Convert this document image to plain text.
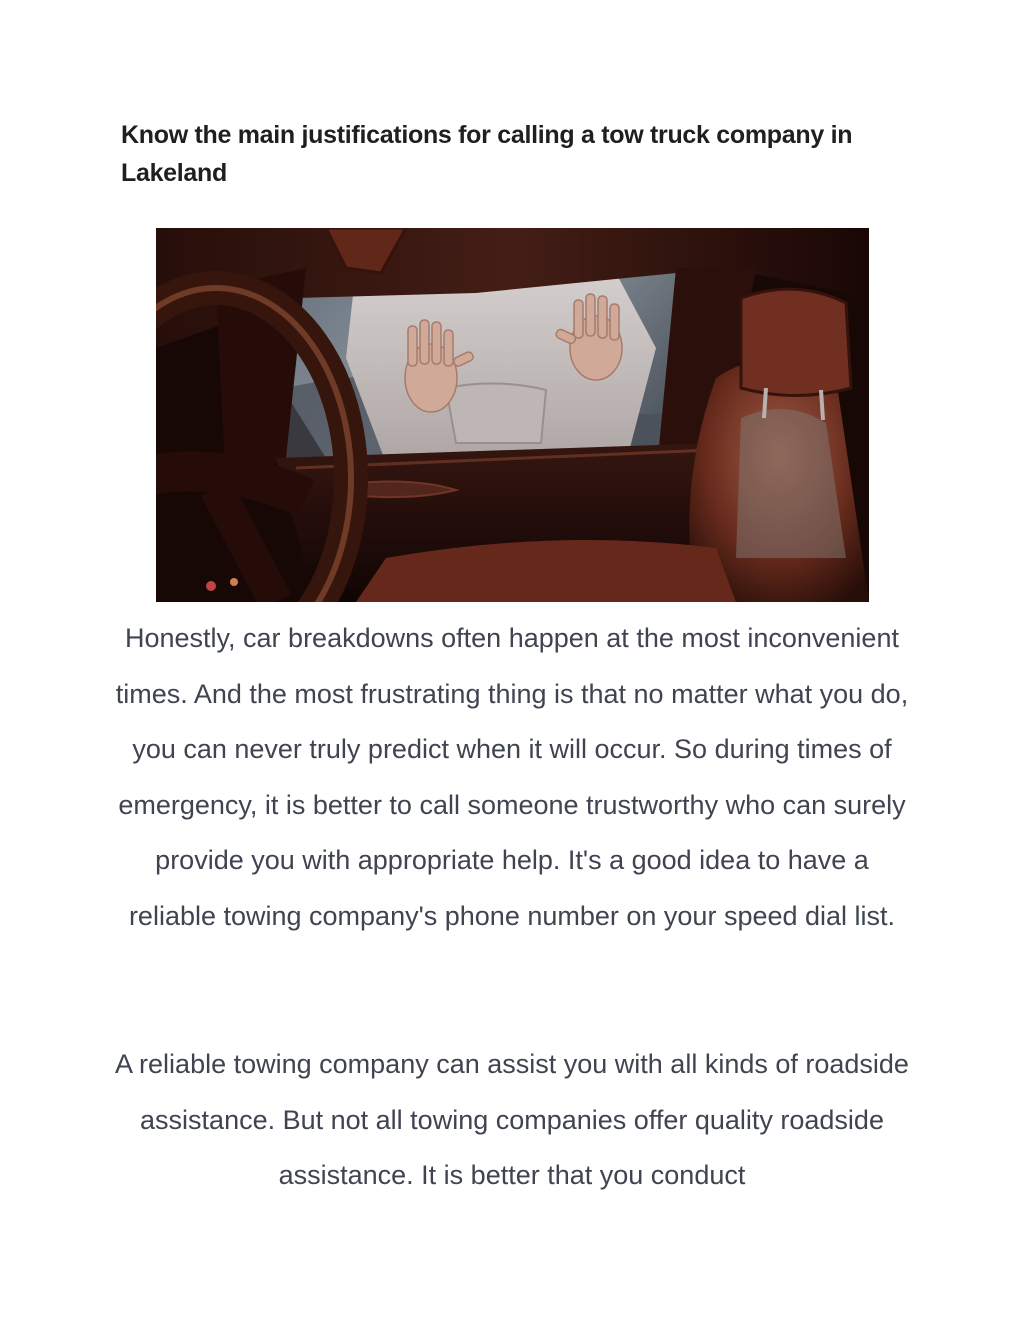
Know the main justifications for calling a tow truck company in Lakeland

Honestly, car breakdowns often happen at the most inconvenient times. And the most frustrating thing is that no matter what you do, you can never truly predict when it will occur. So during times of emergency, it is better to call someone trustworthy who can surely provide you with appropriate help. It's a good idea to have a reliable towing company's phone number on your speed dial list.

A reliable towing company can assist you with all kinds of roadside assistance. But not all towing companies offer quality roadside assistance. It is better that you conduct
